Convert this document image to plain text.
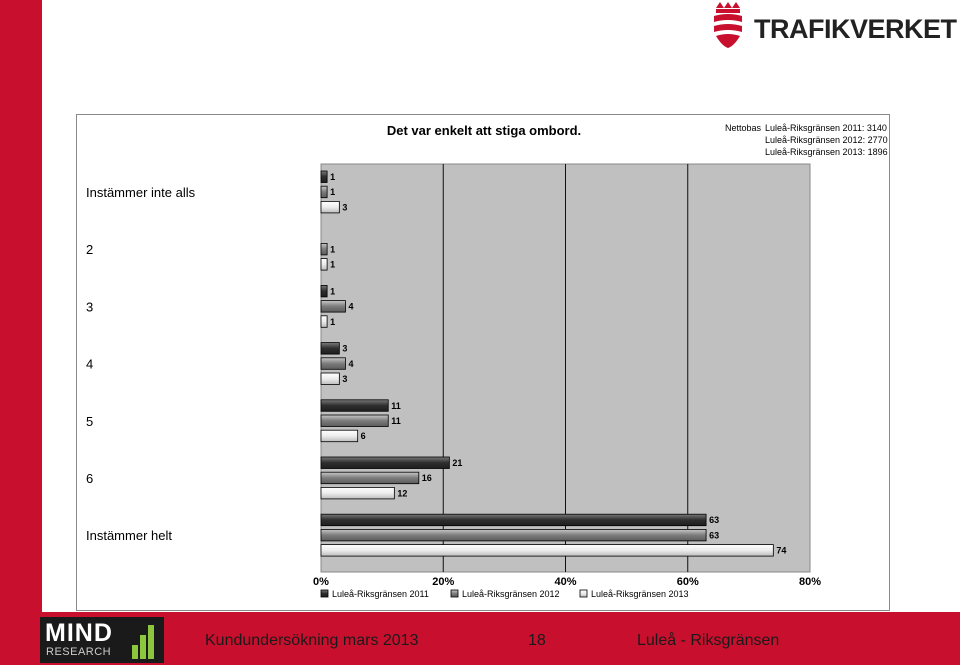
TRAFIKVERKET
Det var enkelt att stiga ombord.	Nettobas Luleå-Riksgränsen 2011: 3140
Luleå-Riksgränsen 2012: 2770
Luleå-Riksgränsen 2013: 1896
Instämmer inte alls
2
3
4
5
6
Instämmer helt
1
1
3
1
1
1
4
1
3
4
3
11
11
6
21
16
12
63
63
74
0%	20%	40%	60%	80%
Luleå-Riksgränsen 2011	Luleå-Riksgränsen 2012	Luleå-Riksgränsen 2013
MIND
RESEARCH
Kundundersökning mars 2013	18	Luleå - Riksgränsen
